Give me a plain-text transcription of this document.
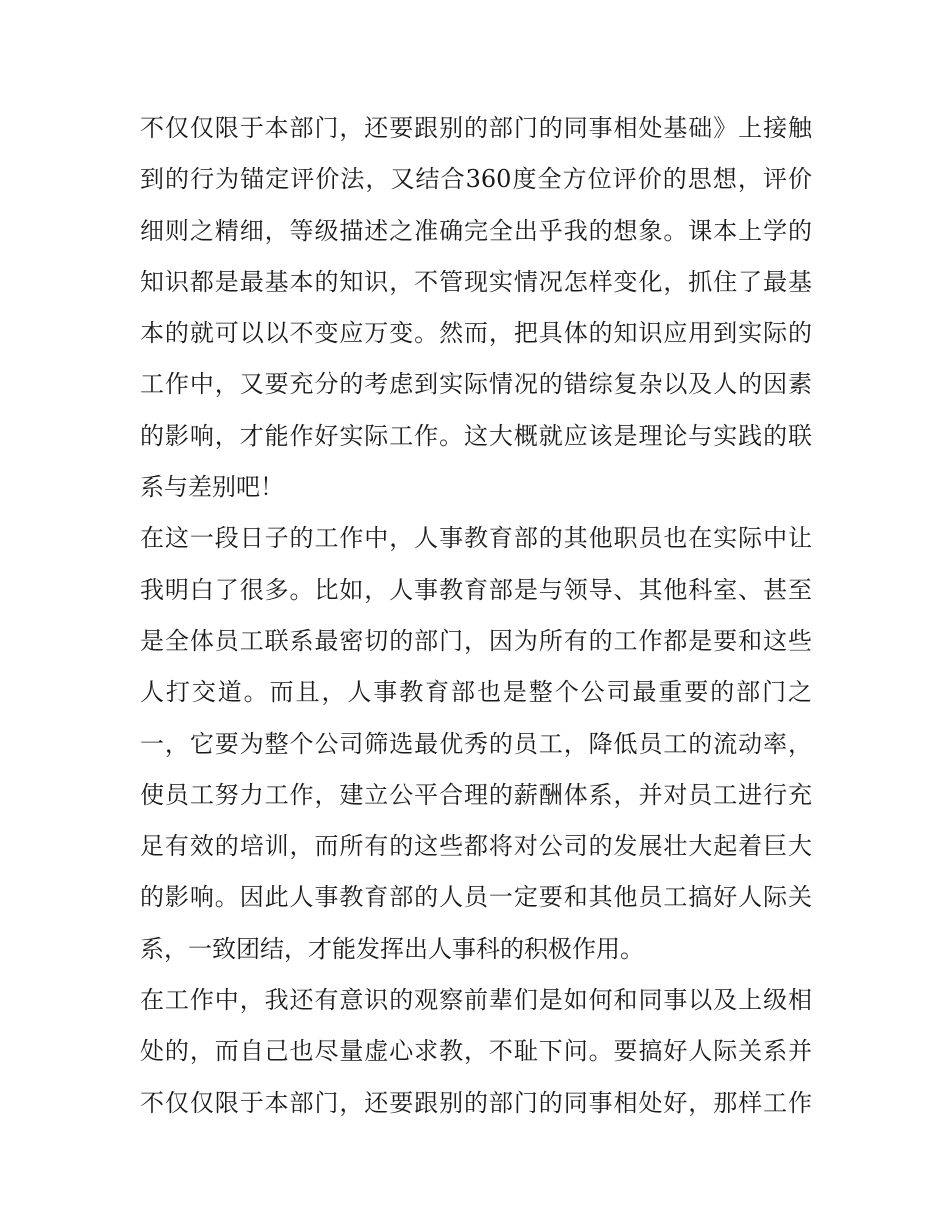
不仅仅限于本部门，还要跟别的部门的同事相处基础》上接触
到的行为锚定评价法，又结合360度全方位评价的思想，评价
细则之精细，等级描述之准确完全出乎我的想象。课本上学的
知识都是最基本的知识，不管现实情况怎样变化，抓住了最基
本的就可以以不变应万变。然而，把具体的知识应用到实际的
工作中，又要充分的考虑到实际情况的错综复杂以及人的因素
的影响，才能作好实际工作。这大概就应该是理论与实践的联
系与差别吧！
在这一段日子的工作中，人事教育部的其他职员也在实际中让
我明白了很多。比如，人事教育部是与领导、其他科室、甚至
是全体员工联系最密切的部门，因为所有的工作都是要和这些
人打交道。而且，人事教育部也是整个公司最重要的部门之
一，它要为整个公司筛选最优秀的员工，降低员工的流动率，
使员工努力工作，建立公平合理的薪酬体系，并对员工进行充
足有效的培训，而所有的这些都将对公司的发展壮大起着巨大
的影响。因此人事教育部的人员一定要和其他员工搞好人际关
系，一致团结，才能发挥出人事科的积极作用。
在工作中，我还有意识的观察前辈们是如何和同事以及上级相
处的，而自己也尽量虚心求教，不耻下问。要搞好人际关系并
不仅仅限于本部门，还要跟别的部门的同事相处好，那样工作
